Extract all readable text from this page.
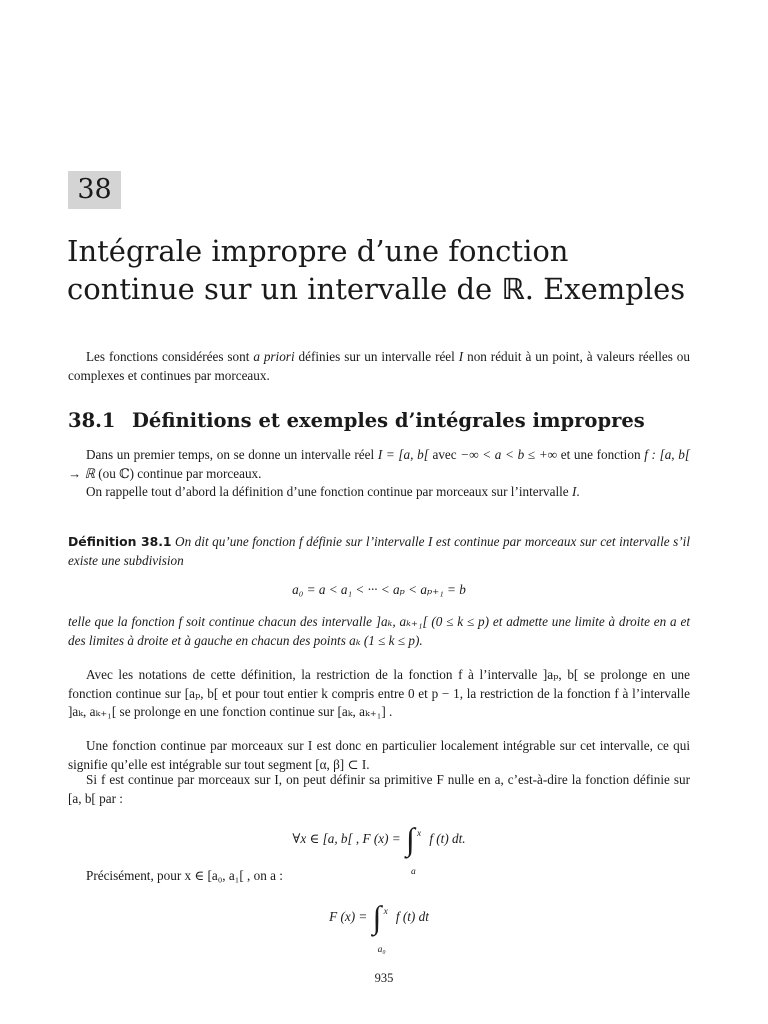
38
Intégrale impropre d’une fonction
continue sur un intervalle de ℝ. Exemples

Les fonctions considérées sont a priori définies sur un intervalle réel I non réduit à un point, à valeurs réelles ou complexes et continues par morceaux.

38.1 Définitions et exemples d’intégrales impropres

Dans un premier temps, on se donne un intervalle réel I = [a, b[ avec −∞ < a < b ≤ +∞ et une fonction f : [a, b[ → ℝ (ou ℂ) continue par morceaux.

On rappelle tout d’abord la définition d’une fonction continue par morceaux sur l’intervalle I.

Définition 38.1 On dit qu’une fonction f définie sur l’intervalle I est continue par morceaux sur cet intervalle s’il existe une subdivision

a₀ = a < a₁ < ··· < aₚ < aₚ₊₁ = b

telle que la fonction f soit continue chacun des intervalle ]aₖ, aₖ₊₁[ (0 ≤ k ≤ p) et admette une limite à droite en a et des limites à droite et à gauche en chacun des points aₖ (1 ≤ k ≤ p).

Avec les notations de cette définition, la restriction de la fonction f à l’intervalle ]aₚ, b[ se prolonge en une fonction continue sur [aₚ, b[ et pour tout entier k compris entre 0 et p − 1, la restriction de la fonction f à l’intervalle ]aₖ, aₖ₊₁[ se prolonge en une fonction continue sur [aₖ, aₖ₊₁] .

Une fonction continue par morceaux sur I est donc en particulier localement intégrable sur cet intervalle, ce qui signifie qu’elle est intégrable sur tout segment [α, β] ⊂ I.

Si f est continue par morceaux sur I, on peut définir sa primitive F nulle en a, c’est-à-dire la fonction définie sur [a, b[ par :

∀x ∈ [a, b[ , F (x) = ∫ x
a
f (t) dt.

Précisément, pour x ∈ [a₀, a₁[ , on a :

F (x) = ∫ x
a₀
f (t) dt
935
